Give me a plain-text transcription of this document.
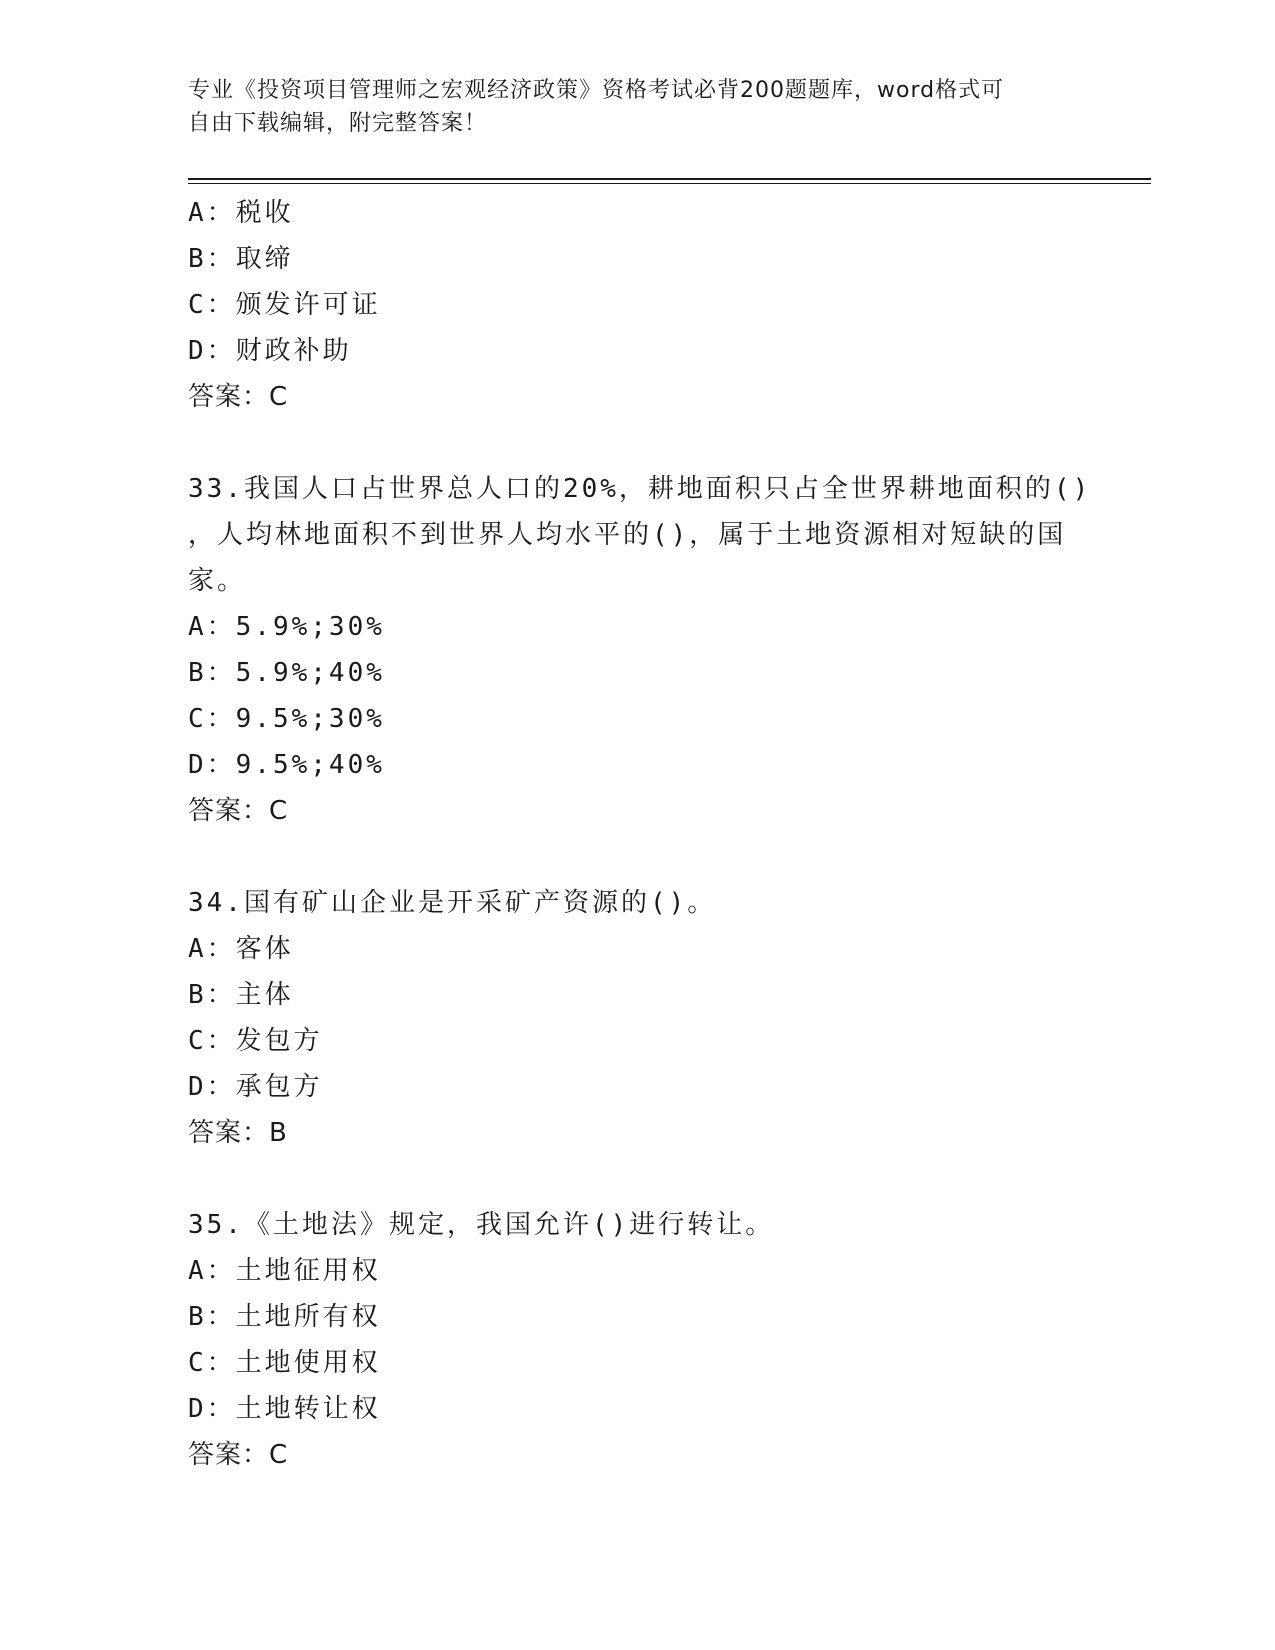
专业《投资项目管理师之宏观经济政策》资格考试必背200题题库，word格式可
自由下载编辑，附完整答案！
A：税收
B：取缔
C：颁发许可证
D：财政补助
答案：C
33.我国人口占世界总人口的20%，耕地面积只占全世界耕地面积的()
，人均林地面积不到世界人均水平的()，属于土地资源相对短缺的国
家。
A：5.9%;30%
B：5.9%;40%
C：9.5%;30%
D：9.5%;40%
答案：C
34.国有矿山企业是开采矿产资源的()。
A：客体
B：主体
C：发包方
D：承包方
答案：B
35.《土地法》规定，我国允许()进行转让。
A：土地征用权
B：土地所有权
C：土地使用权
D：土地转让权
答案：C
